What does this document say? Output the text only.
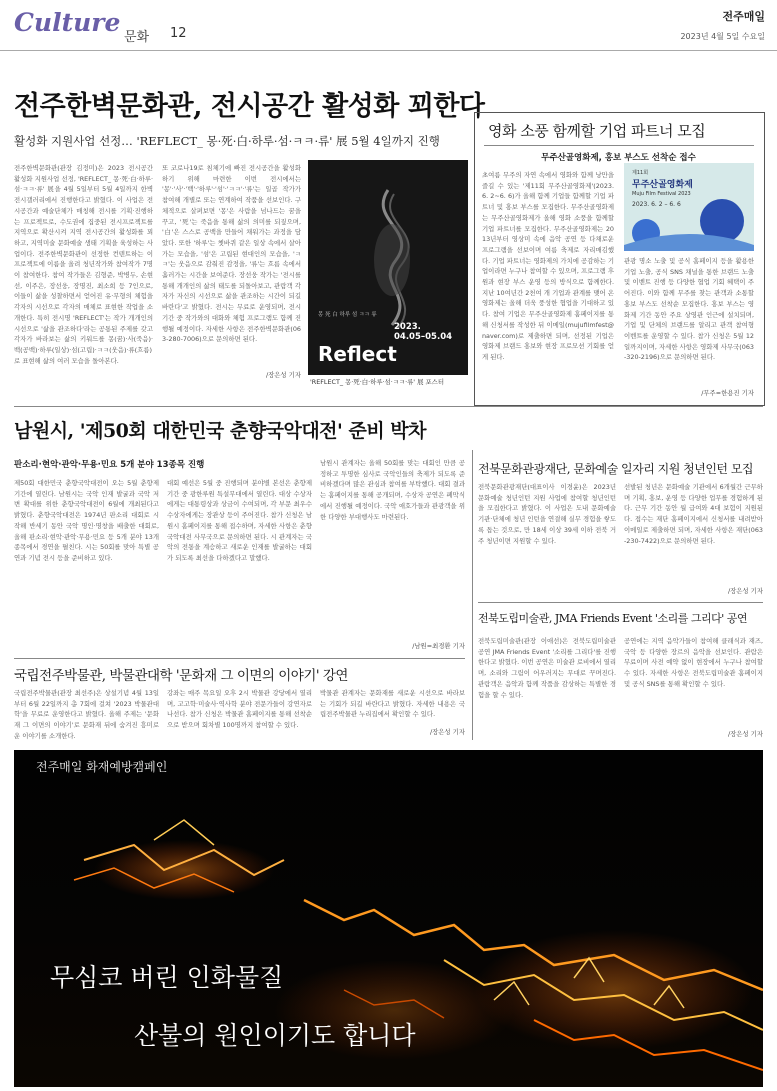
Culture
문화 12
전주매일
2023년 4월 5일 수요일
전주한벽문화관, 전시공간 활성화 꾀한다
활성화 지원사업 선정… 'REFLECT_ 몽·死·白·하루·섬·ㅋㅋ·류' 展 5월 4일까지 진행
전주한벽문화관(관장 김정미)은 2023 전시공간 활성화 지원사업 선정, 'REFLECT_ 몽·死·白·하루·섬·ㅋㅋ·류' 展을 4월 5일부터 5월 4일까지 한벽전시갤러리에서 진행한다고 밝혔다. 이 사업은 전시공간과 예술단체가 매칭해 전시를 기획·진행하는 프로젝트로, 수도권에 집중된 전시프로젝트를 지역으로 확산시켜 지역 전시공간의 활성화를 꾀하고, 지역미술 문화예술 생태 기획을 육성하는 사업이다. 전주한벽문화관이 선정한 컨텐트하는 이 프로젝트에 이름을 올려 청년작가와 참여작가 7명이 참여한다. 참여 작가들은 김형준, 박병두, 손현선, 이주은, 장선웅, 장명진, 최소희 등 7인으로, 이들이 삶을 성찰하면서 얻어진 유·무형의 체험을 각자의 시선으로 각자의 매체로 표현한 작업을 소개한다. 특히 전시명 'REFLECT'는 작가 개개인의 시선으로 '삶을 관조하다'라는 공통된 주제를 갖고 각자가 바라보는 삶의 키워드를 몽(꿈)·사(죽음)·백(공백)·하루(일상)·섬(고립)·ㅋㅋ(웃음)·류(흐름)로 표현해 삶의 여러 모습을 돌아본다.
또 코로나19로 침체기에 빠진 전시공간을 활성화하기 위해 마련한 이번 전시에서는 '몽'·'사'·'백'·'하루'·'섬'·'ㅋㅋ'·'류'는 일곱 작가가 참여해 개별로 또는 연계하여 작품을 선보인다. 구체적으로 살펴보면 '몽'은 사람을 넘나드는 꿈을 꾸고, '死'는 죽음을 통해 삶의 의미를 되짚으며, '白'은 스스로 공백을 만들어 채워가는 과정을 담았다. 또한 '하루'는 쳇바퀴 같은 일상 속에서 살아가는 모습을, '섬'은 고립된 현대인의 모습을, 'ㅋㅋ'는 웃음으로 감춰진 감정을, '류'는 흐름 속에서 흘러가는 시간을 보여준다. 장선웅 작가는 '전시를 통해 개개인의 삶의 태도를 되돌아보고, 관람객 각자가 자신의 시선으로 삶을 관조하는 시간이 되길 바란다'고 밝혔다. 전시는 무료로 운영되며, 전시 기간 중 작가와의 대화와 체험 프로그램도 함께 진행될 예정이다. 자세한 사항은 전주한벽문화관(063-280-7006)으로 문의하면 된다.
/장은성 기자
몽 死 白 하루 섬 ㅋㅋ 류
2023.
04.05–05.04
Reflect
'REFLECT_ 몽·死·白·하루·섬·ㅋㅋ·류' 展 포스터
영화 소풍 함께할 기업 파트너 모집
무주산골영화제, 홍보 부스도 선착순 접수
초여름 무주의 자연 속에서 영화와 함께 낭만을 즐길 수 있는 '제11회 무주산골영화제'(2023. 6. 2~6. 6)가 올해 함께 기업들 함께할 기업 파트너 및 홍보 부스를 모집한다. 무주산골영화제는 무주산골영화제가 올해 영화 소풍을 함께할 기업 파트너를 모집한다. 무주산골영화제는 2013년부터 영상미 속에 음악 공연 등 다채로운 프로그램을 선보이며 여름 축제로 자리매김했다. 기업 파트너는 영화제의 가치에 공감하는 기업이라면 누구나 참여할 수 있으며, 프로그램 후원과 현장 부스 운영 등의 방식으로 함께한다. 지난 10여년간 2천여 개 기업과 관계를 맺어 온 영화제는 올해 더욱 풍성한 협업을 기대하고 있다. 참여 기업은 무주산골영화제 홈페이지를 통해 신청서를 작성한 뒤 이메일(mujufilmfest@naver.com)로 제출하면 되며, 선정된 기업은 영화제 브랜드 홍보와 현장 프로모션 기회를 얻게 된다.
제11회
무주산골영화제
Muju Film Festival 2023
2023. 6. 2 – 6. 6
관광 명소 노출 및 공식 홈페이지 등을 활용한 기업 노출, 공식 SNS 채널을 통한 브랜드 노출 및 이벤트 진행 등 다양한 협업 기회 혜택이 주어진다. 이와 함께 무주를 찾는 관객과 소통할 홍보 부스도 선착순 모집한다. 홍보 부스는 영화제 기간 동안 주요 상영관 인근에 설치되며, 기업 및 단체의 브랜드를 알리고 관객 참여형 이벤트를 운영할 수 있다. 참가 신청은 5월 12일까지이며, 자세한 사항은 영화제 사무국(063-320-2196)으로 문의하면 된다.
/무주=한용진 기자
남원시, '제50회 대한민국 춘향국악대전' 준비 박차
판소리·현악·관악·무용·민요 5개 분야 13종목 진행
제50회 대한민국 춘향국악대전이 오는 5월 춘향제 기간에 열린다. 남원시는 국악 인재 발굴과 국악 저변 확대를 위한 춘향국악대전이 6월에 개최된다고 밝혔다. 춘향국악대전은 1974년 판소리 대회로 시작해 반세기 동안 국악 명인·명창을 배출한 대회로, 올해 판소리·현악·관악·무용·민요 등 5개 분야 13개 종목에서 경연을 펼친다. 시는 50회를 맞아 특별 공연과 기념 전시 등을 준비하고 있다.
대회 예선은 5월 중 진행되며 분야별 본선은 춘향제 기간 중 광한루원 특설무대에서 열린다. 대상 수상자에게는 대통령상과 상금이 수여되며, 각 부문 최우수 수상자에게는 장관상 등이 주어진다. 참가 신청은 남원시 홈페이지를 통해 접수하며, 자세한 사항은 춘향국악대전 사무국으로 문의하면 된다. 시 관계자는 국악의 전통을 계승하고 새로운 인재를 발굴하는 대회가 되도록 최선을 다하겠다고 말했다.
남원시 관계자는 올해 50회를 맞는 대회인 만큼 공정하고 투명한 심사로 국악인들의 축제가 되도록 준비하겠다며 많은 관심과 참여를 부탁했다. 대회 결과는 홈페이지를 통해 공개되며, 수상자 공연은 폐막식에서 진행될 예정이다. 국악 애호가들과 관광객을 위한 다양한 부대행사도 마련된다.
/남원=최경환 기자
국립전주박물관, 박물관대학 '문화재 그 이면의 이야기' 강연
국립전주박물관(관장 최선주)은 상설기념 4월 13일부터 6월 22일까지 총 7회에 걸쳐 '2023 박물관대학'을 무료로 운영한다고 밝혔다. 올해 주제는 '문화재 그 이면의 이야기'로 문화재 뒤에 숨겨진 흥미로운 이야기를 소개한다.
강좌는 매주 목요일 오후 2시 박물관 강당에서 열리며, 고고학·미술사·역사학 분야 전문가들이 강연자로 나선다. 참가 신청은 박물관 홈페이지를 통해 선착순으로 받으며 회차별 100명까지 참여할 수 있다.
박물관 관계자는 문화재를 새로운 시선으로 바라보는 기회가 되길 바란다고 밝혔다. 자세한 내용은 국립전주박물관 누리집에서 확인할 수 있다.
/장은성 기자
전북문화관광재단, 문화예술 일자리 지원 청년인턴 모집
전북문화관광재단(대표이사 이경윤)은 2023년 문화예술 청년인턴 지원 사업에 참여할 청년인턴을 모집한다고 밝혔다. 이 사업은 도내 문화예술 기관·단체에 청년 인턴을 연결해 실무 경험을 쌓도록 돕는 것으로, 만 18세 이상 39세 이하 전북 거주 청년이면 지원할 수 있다.
선발된 청년은 문화예술 기관에서 6개월간 근무하며 기획, 홍보, 운영 등 다양한 업무를 경험하게 된다. 근무 기간 동안 월 급여와 4대 보험이 지원된다. 접수는 재단 홈페이지에서 신청서를 내려받아 이메일로 제출하면 되며, 자세한 사항은 재단(063-230-7422)으로 문의하면 된다.
/장은성 기자
전북도립미술관, JMA Friends Event '소리를 그리다' 공연
전북도립미술관(관장 이애선)은 전북도립미술관 공연 JMA Friends Event '소리를 그리다'를 진행한다고 밝혔다. 이번 공연은 미술관 로비에서 열리며, 소리와 그림이 어우러지는 무대로 꾸며진다. 관람객은 음악과 함께 작품을 감상하는 특별한 경험을 할 수 있다.
공연에는 지역 음악가들이 참여해 클래식과 재즈, 국악 등 다양한 장르의 음악을 선보인다. 관람은 무료이며 사전 예약 없이 현장에서 누구나 참여할 수 있다. 자세한 사항은 전북도립미술관 홈페이지 및 공식 SNS를 통해 확인할 수 있다.
/장은성 기자
전주매일 화재예방캠페인
무심코 버린 인화물질
산불의 원인이기도 합니다
